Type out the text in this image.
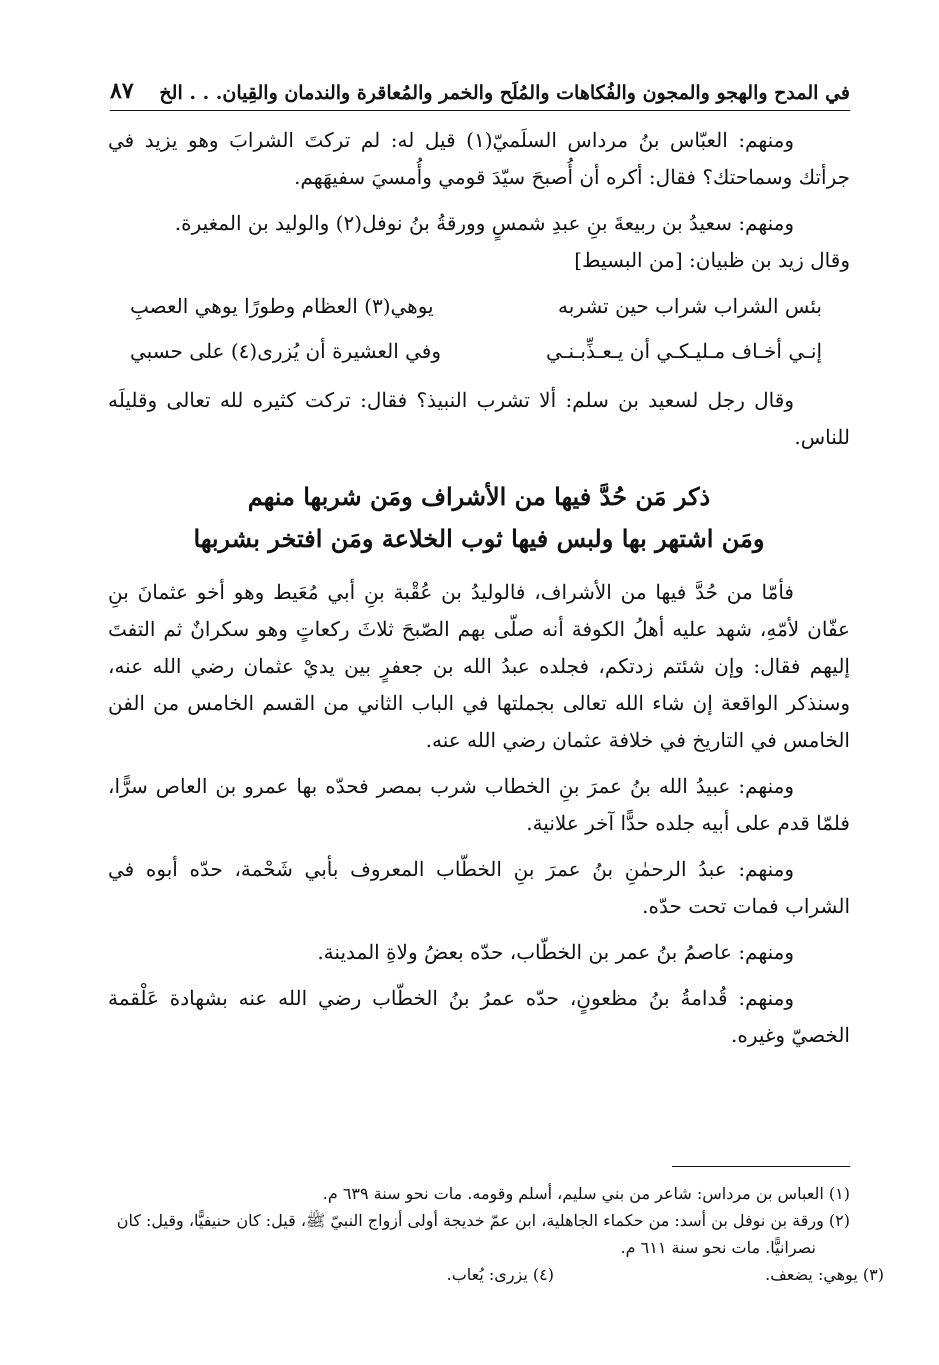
في المدح والهجو والمجون والفُكاهات والمُلَح والخمر والمُعاقرة والندمان والقِيان. . . الخ
٨٧

ومنهم: العبّاس بنُ مرداس السلَميّ(١) قيل له: لم تركتَ الشرابَ وهو يزيد في جرأتك وسماحتك؟ فقال: أكره أن أُصبحَ سيّدَ قومي وأُمسيَ سفيهَهم.

ومنهم: سعيدُ بن ربيعةَ بنِ عبدِ شمسٍ وورقةُ بنُ نوفل(٢) والوليد بن المغيرة.

وقال زيد بن ظبيان: [من البسيط]

بئس الشراب شراب حين تشربه
يوهي(٣) العظام وطورًا يوهي العصبِ
إنـي أخـاف مـليـكـي أن يـعـذِّبـنـي
وفي العشيرة أن يُزرى(٤) على حسبي

وقال رجل لسعيد بن سلم: ألا تشرب النبيذ؟ فقال: تركت كثيره لله تعالى وقليلَه للناس.

ذكر مَن حُدَّ فيها من الأشراف ومَن شربها منهم
ومَن اشتهر بها ولبس فيها ثوب الخلاعة ومَن افتخر بشربها

فأمّا من حُدَّ فيها من الأشراف، فالوليدُ بن عُقْبة بنِ أبي مُعَيط وهو أخو عثمانَ بنِ عفّان لأمّهِ، شهد عليه أهلُ الكوفة أنه صلّى بهم الصّبحَ ثلاثَ ركعاتٍ وهو سكرانٌ ثم التفتَ إليهم فقال: وإن شئتم زدتكم، فجلده عبدُ الله بن جعفرٍ بين يديْ عثمان رضي الله عنه، وسنذكر الواقعة إن شاء الله تعالى بجملتها في الباب الثاني من القسم الخامس من الفن الخامس في التاريخ في خلافة عثمان رضي الله عنه.

ومنهم: عبيدُ الله بنُ عمرَ بنِ الخطاب شرب بمصر فحدّه بها عمرو بن العاص سرًّا، فلمّا قدم على أبيه جلده حدًّا آخر علانية.

ومنهم: عبدُ الرحمٰنِ بنُ عمرَ بنِ الخطّاب المعروف بأبي شَحْمة، حدّه أبوه في الشراب فمات تحت حدّه.

ومنهم: عاصمُ بنُ عمر بن الخطّاب، حدّه بعضُ ولاةِ المدينة.

ومنهم: قُدامةُ بنُ مظعونٍ، حدّه عمرُ بنُ الخطّاب رضي الله عنه بشهادة عَلْقمة الخصيّ وغيره.

(١) العباس بن مرداس: شاعر من بني سليم، أسلم وقومه. مات نحو سنة ٦٣٩ م.

(٢) ورقة بن نوفل بن أسد: من حكماء الجاهلية، ابن عمّ خديجة أولى أزواج النبيّ ﷺ، قيل: كان حنيفيًّا، وقيل: كان نصرانيًّا. مات نحو سنة ٦١١ م.

(٣) يوهي: يضعف.
(٤) يزرى: يُعاب.
